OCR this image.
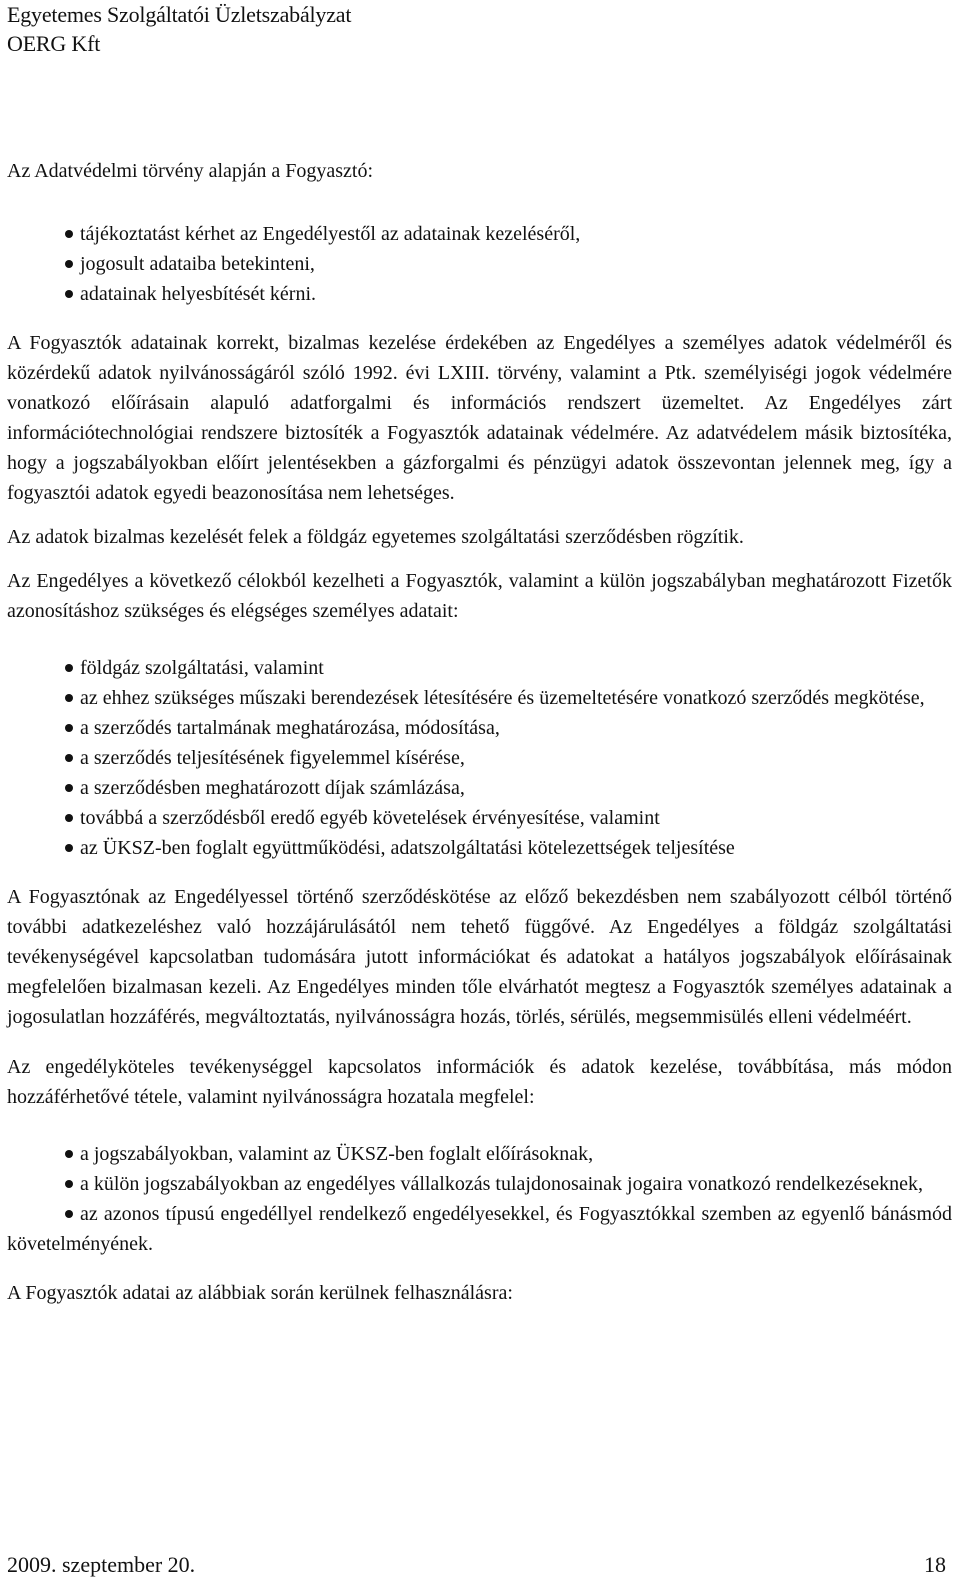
Egyetemes Szolgáltatói Üzletszabályzat
OERG Kft

Az Adatvédelmi törvény alapján a Fogyasztó:

tájékoztatást kérhet az Engedélyestől az adatainak kezeléséről,
jogosult adataiba betekinteni,
adatainak helyesbítését kérni.

A Fogyasztók adatainak korrekt, bizalmas kezelése érdekében az Engedélyes a személyes adatok védelméről és közérdekű adatok nyilvánosságáról szóló 1992. évi LXIII. törvény, valamint a Ptk. személyiségi jogok védelmére vonatkozó előírásain alapuló adatforgalmi és információs rendszert üzemeltet. Az Engedélyes zárt információtechnológiai rendszere biztosíték a Fogyasztók adatainak védelmére. Az adatvédelem másik biztosítéka, hogy a jogszabályokban előírt jelentésekben a gázforgalmi és pénzügyi adatok összevontan jelennek meg, így a fogyasztói adatok egyedi beazonosítása nem lehetséges.

Az adatok bizalmas kezelését felek a földgáz egyetemes szolgáltatási szerződésben rögzítik.

Az Engedélyes a következő célokból kezelheti a Fogyasztók, valamint a külön jogszabályban meghatározott Fizetők azonosításhoz szükséges és elégséges személyes adatait:

földgáz szolgáltatási, valamint
az ehhez szükséges műszaki berendezések létesítésére és üzemeltetésére vonatkozó szerződés megkötése,
a szerződés tartalmának meghatározása, módosítása,
a szerződés teljesítésének figyelemmel kísérése,
a szerződésben meghatározott díjak számlázása,
továbbá a szerződésből eredő egyéb követelések érvényesítése, valamint
az ÜKSZ-ben foglalt együttműködési, adatszolgáltatási kötelezettségek teljesítése

A Fogyasztónak az Engedélyessel történő szerződéskötése az előző bekezdésben nem szabályozott célból történő további adatkezeléshez való hozzájárulásától nem tehető függővé. Az Engedélyes a földgáz szolgáltatási tevékenységével kapcsolatban tudomására jutott információkat és adatokat a hatályos jogszabályok előírásainak megfelelően bizalmasan kezeli. Az Engedélyes minden tőle elvárhatót megtesz a Fogyasztók személyes adatainak a jogosulatlan hozzáférés, megváltoztatás, nyilvánosságra hozás, törlés, sérülés, megsemmisülés elleni védelméért.

Az engedélyköteles tevékenységgel kapcsolatos információk és adatok kezelése, továbbítása, más módon hozzáférhetővé tétele, valamint nyilvánosságra hozatala megfelel:

a jogszabályokban, valamint az ÜKSZ-ben foglalt előírásoknak,
a külön jogszabályokban az engedélyes vállalkozás tulajdonosainak jogaira vonatkozó rendelkezéseknek,
az azonos típusú engedéllyel rendelkező engedélyesekkel, és Fogyasztókkal szemben az egyenlő bánásmód követelményének.

A Fogyasztók adatai az alábbiak során kerülnek felhasználásra:

2009. szeptember 20.	18
